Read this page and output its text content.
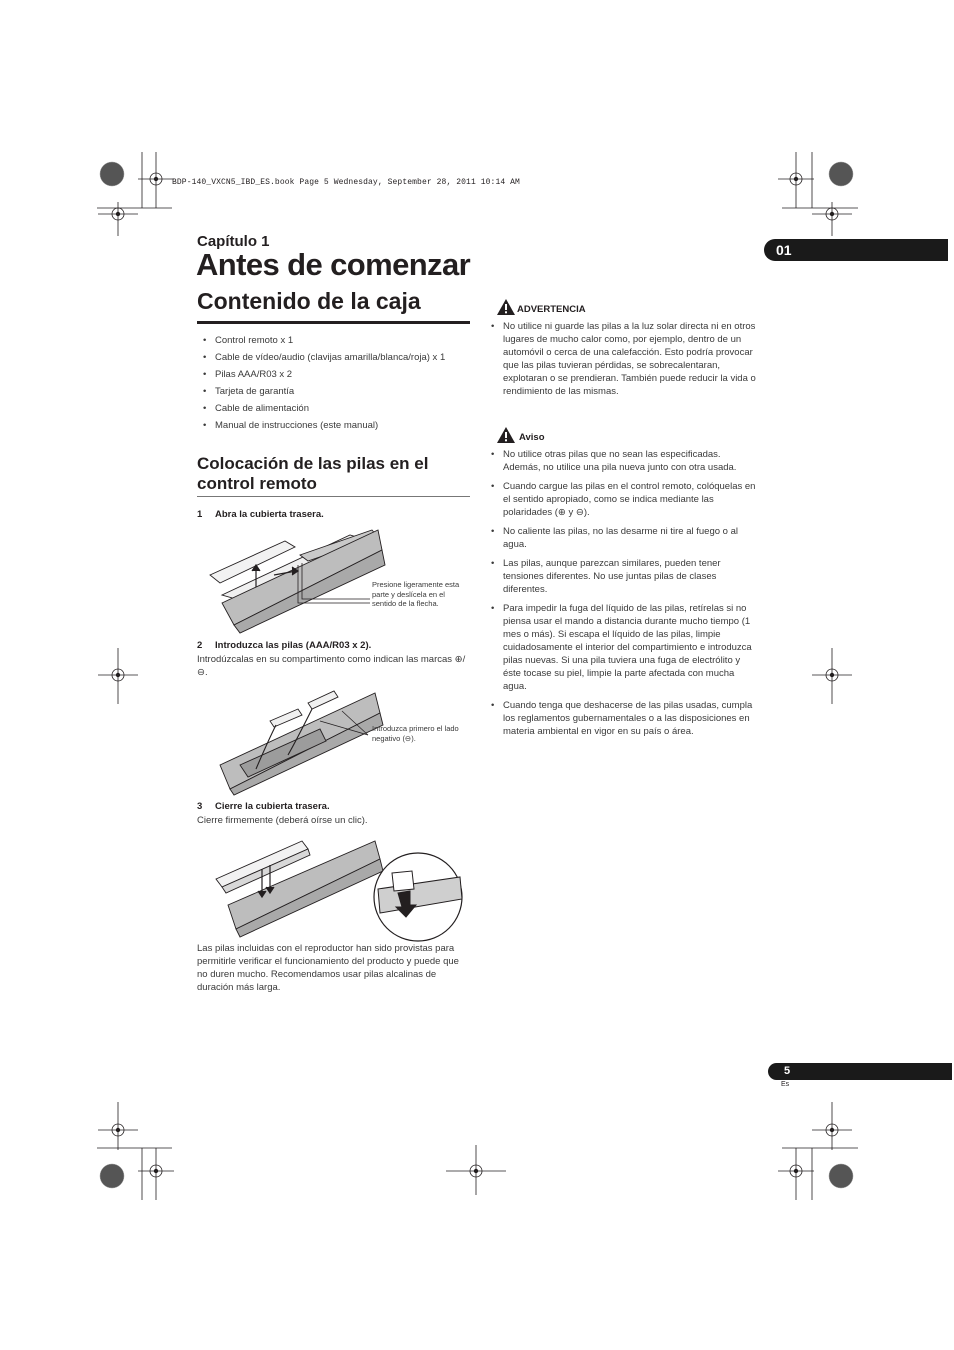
BDP-140_VXCN5_IBD_ES.book Page 5 Wednesday, September 28, 2011 10:14 AM
Capítulo 1
Antes de comenzar	01
Contenido de la caja
• Control remoto x 1
• Cable de vídeo/audio (clavijas amarilla/blanca/roja) x 1
• Pilas AAA/R03 x 2
• Tarjeta de garantía
• Cable de alimentación
• Manual de instrucciones (este manual)
Colocación de las pilas en el control remoto
1 Abra la cubierta trasera.
Presione ligeramente esta parte y deslícela en el sentido de la flecha.
2 Introduzca las pilas (AAA/R03 x 2).
Introdúzcalas en su compartimento como indican las marcas ⊕/⊖.
Introduzca primero el lado negativo (⊖).
3 Cierre la cubierta trasera.
Cierre firmemente (deberá oírse un clic).
Las pilas incluidas con el reproductor han sido provistas para permitirle verificar el funcionamiento del producto y puede que no duren mucho. Recomendamos usar pilas alcalinas de duración más larga.
ADVERTENCIA
• No utilice ni guarde las pilas a la luz solar directa ni en otros lugares de mucho calor como, por ejemplo, dentro de un automóvil o cerca de una calefacción. Esto podría provocar que las pilas tuvieran pérdidas, se sobrecalentaran, explotaran o se prendieran. También puede reducir la vida o rendimiento de las mismas.
Aviso
• No utilice otras pilas que no sean las especificadas. Además, no utilice una pila nueva junto con otra usada.
• Cuando cargue las pilas en el control remoto, colóquelas en el sentido apropiado, como se indica mediante las polaridades (⊕ y ⊖).
• No caliente las pilas, no las desarme ni tire al fuego o al agua.
• Las pilas, aunque parezcan similares, pueden tener tensiones diferentes. No use juntas pilas de clases diferentes.
• Para impedir la fuga del líquido de las pilas, retírelas si no piensa usar el mando a distancia durante mucho tiempo (1 mes o más). Si escapa el líquido de las pilas, limpie cuidadosamente el interior del compartimiento e introduzca pilas nuevas. Si una pila tuviera una fuga de electrólito y éste tocase su piel, limpie la parte afectada con mucha agua.
• Cuando tenga que deshacerse de las pilas usadas, cumpla los reglamentos gubernamentales o a las disposiciones en materia ambiental en vigor en su país o área.
5
Es
